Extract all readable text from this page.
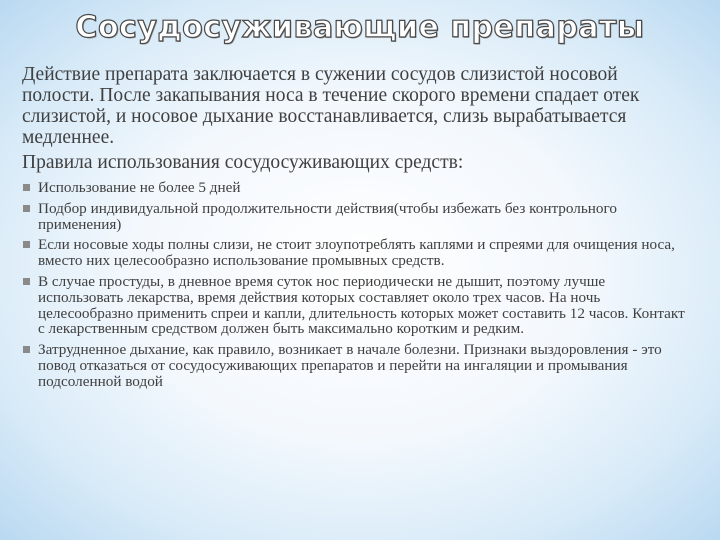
Сосудосуживающие препараты

Действие препарата заключается в сужении сосудов слизистой носовой полости. После закапывания носа в течение скорого времени спадает отек слизистой, и носовое дыхание восстанавливается, слизь вырабатывается медленнее.

Правила использования сосудосуживающих средств:

Использование не более 5 дней
Подбор индивидуальной продолжительности действия(чтобы избежать без контрольного применения)
Если носовые ходы полны слизи, не стоит злоупотреблять каплями и спреями для очищения носа, вместо них целесообразно использование промывных средств.
В случае простуды, в дневное время суток нос периодически не дышит, поэтому лучше использовать лекарства, время действия которых составляет около трех часов. На ночь целесообразно применить спреи и капли, длительность которых может составить 12 часов. Контакт с лекарственным средством должен быть максимально коротким и редким.
Затрудненное дыхание, как правило, возникает в начале болезни. Признаки выздоровления - это повод отказаться от сосудосуживающих препаратов и перейти на ингаляции и промывания подсоленной водой
